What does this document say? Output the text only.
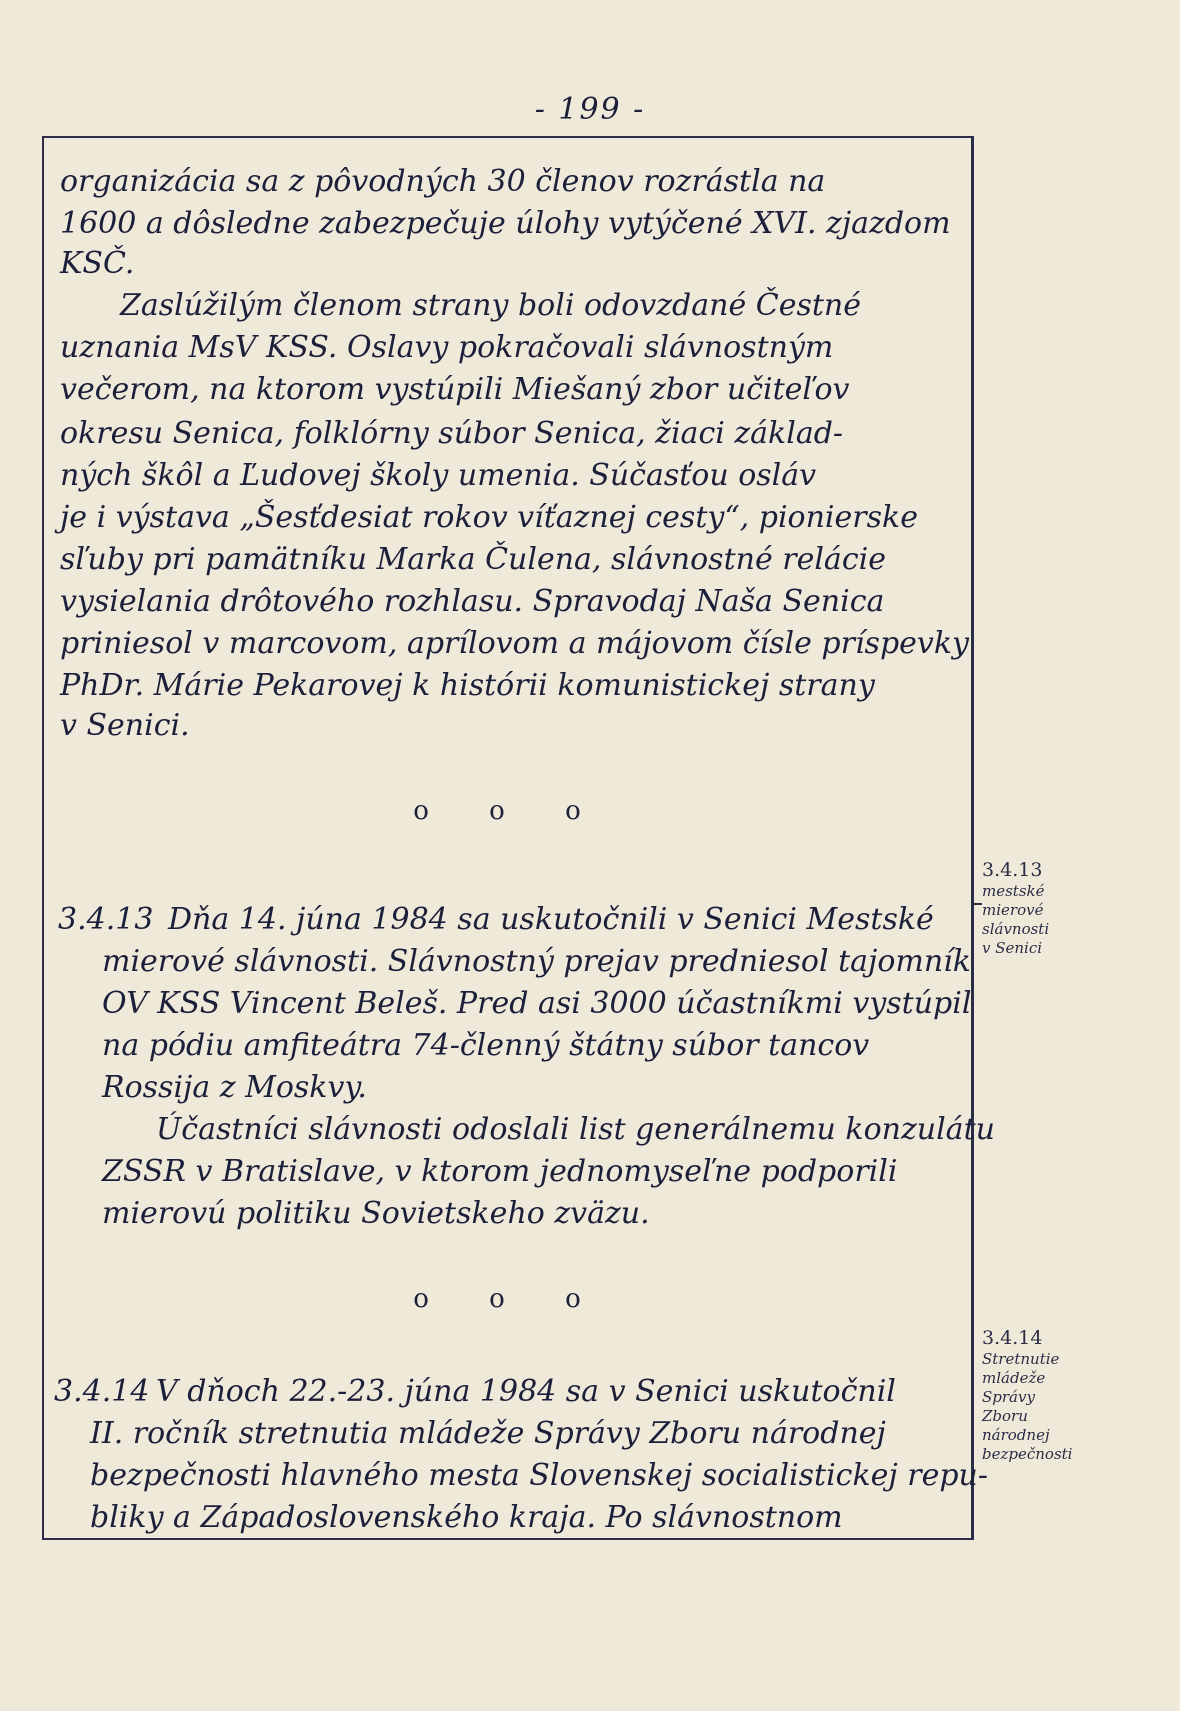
- 199 -
organizácia sa z pôvodných 30 členov rozrástla na
1600 a dôsledne zabezpečuje úlohy vytýčené XVI. zjazdom
KSČ.
Zaslúžilým členom strany boli odovzdané Čestné
uznania MsV KSS. Oslavy pokračovali slávnostným
večerom, na ktorom vystúpili Miešaný zbor učiteľov
okresu Senica, folklórny súbor Senica, žiaci základ-
ných škôl a Ľudovej školy umenia. Súčasťou osláv
je i výstava „Šesťdesiat rokov víťaznej cesty“, pionierske
sľuby pri pamätníku Marka Čulena, slávnostné relácie
vysielania drôtového rozhlasu. Spravodaj Naša Senica
priniesol v marcovom, aprílovom a májovom čísle príspevky
PhDr. Márie Pekarovej k histórii komunistickej strany
v Senici.
o o o
3.4.13 Dňa 14. júna 1984 sa uskutočnili v Senici Mestské
mierové slávnosti. Slávnostný prejav predniesol tajomník
OV KSS Vincent Beleš. Pred asi 3000 účastníkmi vystúpil
na pódiu amfiteátra 74-členný štátny súbor tancov
Rossija z Moskvy.
Účastníci slávnosti odoslali list generálnemu konzulátu
ZSSR v Bratislave, v ktorom jednomyseľne podporili
mierovú politiku Sovietskeho zväzu.
o o o
3.4.14 V dňoch 22.-23. júna 1984 sa v Senici uskutočnil
II. ročník stretnutia mládeže Správy Zboru národnej
bezpečnosti hlavného mesta Slovenskej socialistickej repu-
bliky a Západoslovenského kraja. Po slávnostnom
3.4.13
mestské
mierové
slávnosti
v Senici
3.4.14
Stretnutie
mládeže
Správy
Zboru
národnej
bezpečnosti
